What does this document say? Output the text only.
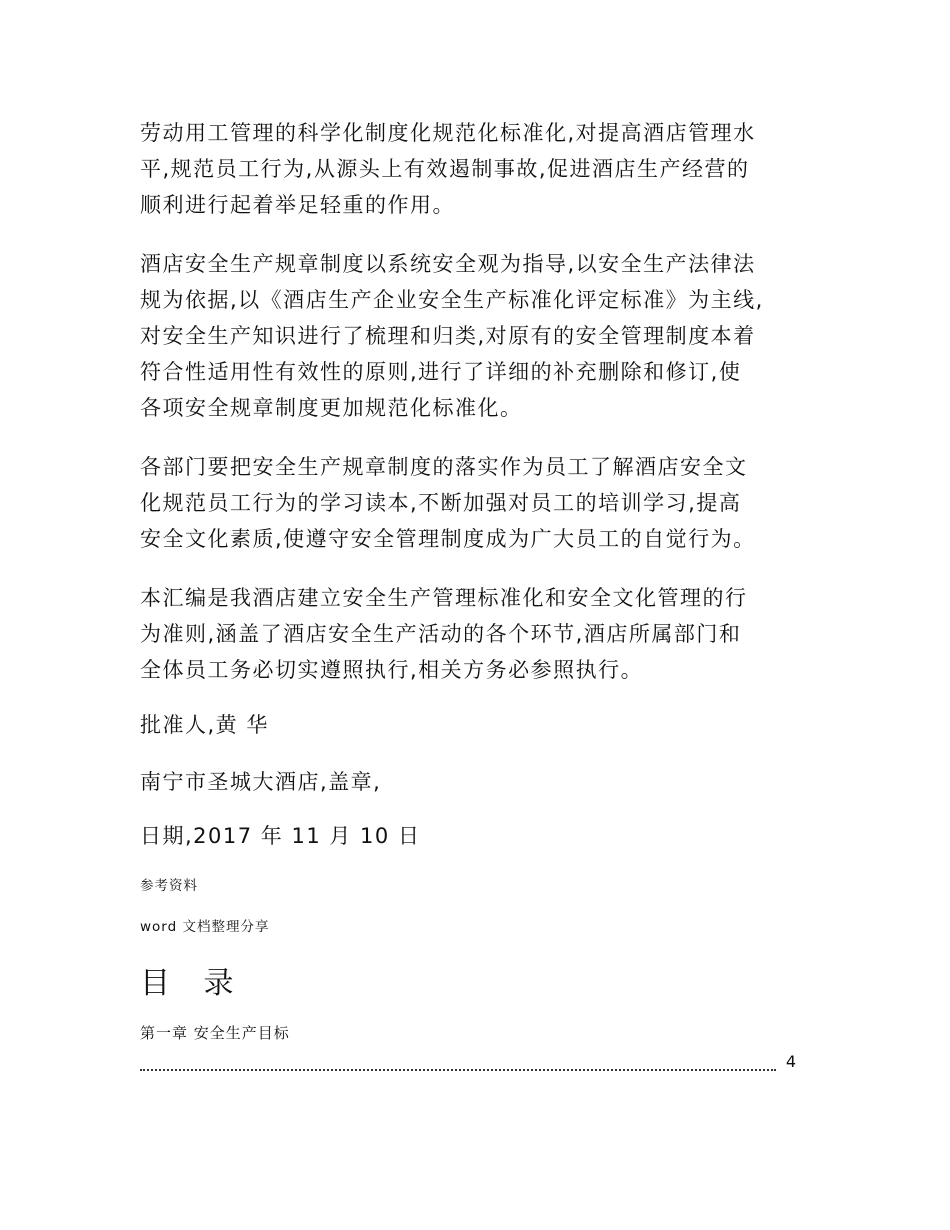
劳动用工管理的科学化制度化规范化标准化,对提高酒店管理水
平,规范员工行为,从源头上有效遏制事故,促进酒店生产经营的
顺利进行起着举足轻重的作用。

酒店安全生产规章制度以系统安全观为指导,以安全生产法律法
规为依据,以《酒店生产企业安全生产标准化评定标准》为主线,
对安全生产知识进行了梳理和归类,对原有的安全管理制度本着
符合性适用性有效性的原则,进行了详细的补充删除和修订,使
各项安全规章制度更加规范化标准化。

各部门要把安全生产规章制度的落实作为员工了解酒店安全文
化规范员工行为的学习读本,不断加强对员工的培训学习,提高
安全文化素质,使遵守安全管理制度成为广大员工的自觉行为。

本汇编是我酒店建立安全生产管理标准化和安全文化管理的行
为准则,涵盖了酒店安全生产活动的各个环节,酒店所属部门和
全体员工务必切实遵照执行,相关方务必参照执行。

批准人,黄 华

南宁市圣城大酒店,盖章,

日期,2017 年 11 月 10 日

参考资料

word 文档整理分享

目 录
第一章 安全生产目标
4
